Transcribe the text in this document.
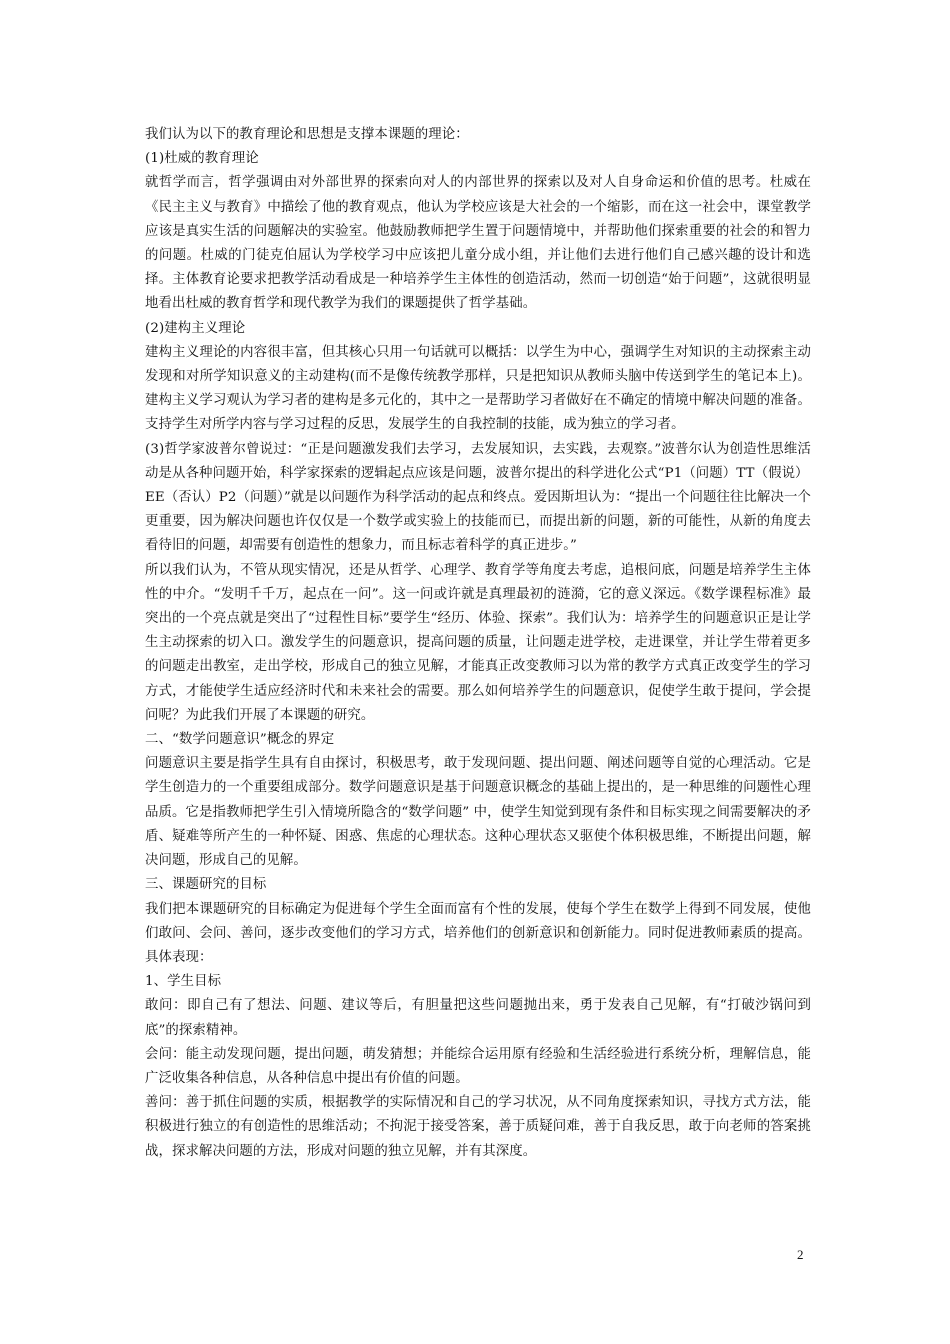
我们认为以下的教育理论和思想是支撑本课题的理论：

(1)杜威的教育理论

就哲学而言，哲学强调由对外部世界的探索向对人的内部世界的探索以及对人自身命运和价值的思考。杜威在《民主主义与教育》中描绘了他的教育观点，他认为学校应该是大社会的一个缩影，而在这一社会中，课堂教学应该是真实生活的问题解决的实验室。他鼓励教师把学生置于问题情境中，并帮助他们探索重要的社会的和智力的问题。杜威的门徒克伯屈认为学校学习中应该把儿童分成小组，并让他们去进行他们自己感兴趣的设计和选择。主体教育论要求把教学活动看成是一种培养学生主体性的创造活动，然而一切创造“始于问题”，这就很明显地看出杜威的教育哲学和现代教学为我们的课题提供了哲学基础。

(2)建构主义理论

建构主义理论的内容很丰富，但其核心只用一句话就可以概括：以学生为中心，强调学生对知识的主动探索主动发现和对所学知识意义的主动建构(而不是像传统教学那样，只是把知识从教师头脑中传送到学生的笔记本上)。建构主义学习观认为学习者的建构是多元化的，其中之一是帮助学习者做好在不确定的情境中解决问题的准备。支持学生对所学内容与学习过程的反思，发展学生的自我控制的技能，成为独立的学习者。

(3)哲学家波普尔曾说过：“正是问题激发我们去学习，去发展知识，去实践，去观察。”波普尔认为创造性思维活动是从各种问题开始，科学家探索的逻辑起点应该是问题，波普尔提出的科学进化公式“P1（问题）TT（假说）

EE（否认）P2（问题）”就是以问题作为科学活动的起点和终点。爱因斯坦认为：“提出一个问题往往比解决一个更重要，因为解决问题也许仅仅是一个数学或实验上的技能而已，而提出新的问题，新的可能性，从新的角度去看待旧的问题，却需要有创造性的想象力，而且标志着科学的真正进步。”

所以我们认为，不管从现实情况，还是从哲学、心理学、教育学等角度去考虑，追根问底，问题是培养学生主体性的中介。“发明千千万，起点在一问”。这一问或许就是真理最初的涟漪，它的意义深远。《数学课程标准》最突出的一个亮点就是突出了“过程性目标”要学生“经历、体验、探索”。我们认为：培养学生的问题意识正是让学生主动探索的切入口。激发学生的问题意识，提高问题的质量，让问题走进学校，走进课堂，并让学生带着更多的问题走出教室，走出学校，形成自己的独立见解，才能真正改变教师习以为常的教学方式真正改变学生的学习方式，才能使学生适应经济时代和未来社会的需要。那么如何培养学生的问题意识，促使学生敢于提问，学会提问呢？为此我们开展了本课题的研究。

二、“数学问题意识”概念的界定

问题意识主要是指学生具有自由探讨，积极思考，敢于发现问题、提出问题、阐述问题等自觉的心理活动。它是学生创造力的一个重要组成部分。数学问题意识是基于问题意识概念的基础上提出的，是一种思维的问题性心理品质。它是指教师把学生引入情境所隐含的“数学问题” 中，使学生知觉到现有条件和目标实现之间需要解决的矛盾、疑难等所产生的一种怀疑、困惑、焦虑的心理状态。这种心理状态又驱使个体积极思维，不断提出问题，解决问题，形成自己的见解。

三、课题研究的目标

我们把本课题研究的目标确定为促进每个学生全面而富有个性的发展，使每个学生在数学上得到不同发展，使他们敢问、会问、善问，逐步改变他们的学习方式，培养他们的创新意识和创新能力。同时促进教师素质的提高。具体表现：

1、学生目标

敢问：即自己有了想法、问题、建议等后，有胆量把这些问题抛出来，勇于发表自己见解，有“打破沙锅问到底”的探索精神。

会问：能主动发现问题，提出问题，萌发猜想；并能综合运用原有经验和生活经验进行系统分析，理解信息，能广泛收集各种信息，从各种信息中提出有价值的问题。

善问：善于抓住问题的实质，根据教学的实际情况和自己的学习状况，从不同角度探索知识，寻找方式方法，能积极进行独立的有创造性的思维活动；不拘泥于接受答案，善于质疑问难，善于自我反思，敢于向老师的答案挑战，探求解决问题的方法，形成对问题的独立见解，并有其深度。

2
